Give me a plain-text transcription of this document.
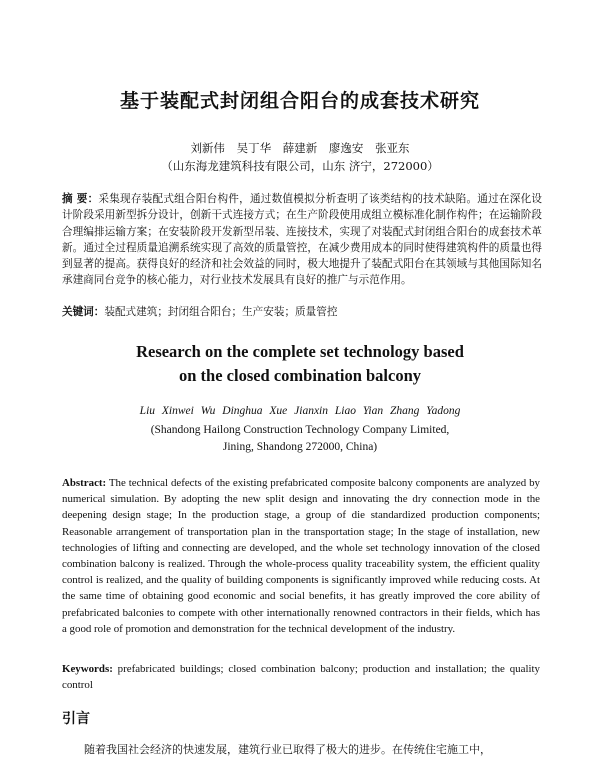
基于装配式封闭组合阳台的成套技术研究

刘新伟 吴丁华 薛建新 廖逸安 张亚东

（山东海龙建筑科技有限公司，山东 济宁，272000）

摘 要：采集现存装配式组合阳台构件，通过数值模拟分析查明了该类结构的技术缺陷。通过在深化设计阶段采用新型拆分设计，创新干式连接方式；在生产阶段使用成组立模标准化制作构件；在运输阶段合理编排运输方案；在安装阶段开发新型吊装、连接技术，实现了对装配式封闭组合阳台的成套技术革新。通过全过程质量追溯系统实现了高效的质量管控，在减少费用成本的同时使得建筑构件的质量也得到显著的提高。获得良好的经济和社会效益的同时，极大地提升了装配式阳台在其领域与其他国际知名承建商同台竞争的核心能力，对行业技术发展具有良好的推广与示范作用。

关键词：装配式建筑；封闭组合阳台；生产安装；质量管控

Research on the complete set technology based
on the closed combination balcony

Liu Xinwei Wu Dinghua Xue Jianxin Liao Yian Zhang Yadong

(Shandong Hailong Construction Technology Company Limited, Jining, Shandong 272000, China)

Abstract: The technical defects of the existing prefabricated composite balcony components are analyzed by numerical simulation. By adopting the new split design and innovating the dry connection mode in the deepening design stage; In the production stage, a group of die standardized production components; Reasonable arrangement of transportation plan in the transportation stage; In the stage of installation, new technologies of lifting and connecting are developed, and the whole set technology innovation of the closed combination balcony is realized. Through the whole-process quality traceability system, the efficient quality control is realized, and the quality of building components is significantly improved while reducing costs. At the same time of obtaining good economic and social benefits, it has greatly improved the core ability of prefabricated balconies to compete with other internationally renowned contractors in their fields, which has a good role of promotion and demonstration for the technical development of the industry.

Keywords: prefabricated buildings; closed combination balcony; production and installation; the quality control

引言

随着我国社会经济的快速发展，建筑行业已取得了极大的进步。在传统住宅施工中，
